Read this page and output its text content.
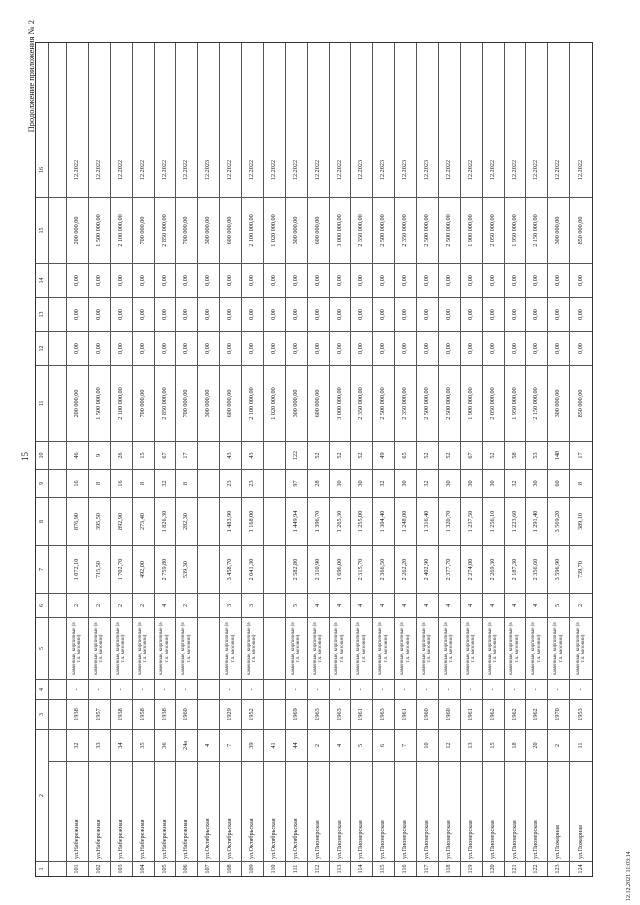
15
Продолжение приложения № 2
1
2
3
4
5
6
7
8
9
10
11
12
13
14
15
16
101
ул.Набережная
32
1938
-
каменные, кирпичные (в т.ч. мезонин)
2
1 072,10
876,90
16
46
200 000,00
0,00
0,00
0,00
200 000,00
12.2022
102
ул.Набережная
33
1957
-
каменные, кирпичные (в т.ч. мезонин)
2
715,50
395,50
8
9
1 500 000,00
0,00
0,00
0,00
1 500 000,00
12.2022
103
ул.Набережная
34
1938
-
каменные, кирпичные (в т.ч. мезонин)
2
1 702,70
892,90
16
26
2 100 000,00
0,00
0,00
0,00
2 100 000,00
12.2022
104
ул.Набережная
35
1958
-
каменные, кирпичные (в т.ч. мезонин)
2
492,00
273,40
8
15
700 000,00
0,00
0,00
0,00
700 000,00
12.2022
105
ул.Набережная
36
1938
-
каменные, кирпичные (в т.ч. мезонин)
4
2 759,80
1 826,30
32
67
2 850 000,00
0,00
0,00
0,00
2 850 000,00
12.2022
106
ул.Набережная
24а
1960
-
каменные, кирпичные (в т.ч. мезонин)
2
539,30
282,30
8
17
700 000,00
0,00
0,00
0,00
700 000,00
12.2022
107
ул.Октябрьская
4
300 000,00
0,00
0,00
0,00
300 000,00
12.2023
108
ул.Октябрьская
7
1929
-
каменные, кирпичные (в т.ч. мезонин)
3
3 458,70
1 483,90
23
43
600 000,00
0,00
0,00
0,00
600 000,00
12.2022
109
ул.Октябрьская
39
1952
-
каменные, кирпичные (в т.ч. мезонин)
3
2 041,30
1 168,00
23
43
2 100 000,00
0,00
0,00
0,00
2 100 000,00
12.2022
110
ул.Октябрьская
41
1 020 000,00
0,00
0,00
0,00
1 020 000,00
12.2022
111
ул.Октябрьская
44
1969
-
каменные, кирпичные (в т.ч. мезонин)
5
2 582,80
1 449,94
97
122
300 000,00
0,00
0,00
0,00
300 000,00
12.2022
112
ул.Пионерская
2
1963
-
каменные, кирпичные (в т.ч. мезонин)
4
2 310,90
1 396,70
28
52
600 000,00
0,00
0,00
0,00
600 000,00
12.2022
113
ул.Пионерская
4
1963
-
каменные, кирпичные (в т.ч. мезонин)
4
1 696,00
1 265,30
30
52
3 000 000,00
0,00
0,00
0,00
3 000 000,00
12.2022
114
ул.Пионерская
5
1961
-
каменные, кирпичные (в т.ч. мезонин)
4
2 315,70
1 255,00
30
52
2 350 000,00
0,00
0,00
0,00
2 350 000,00
12.2023
115
ул.Пионерская
6
1963
-
каменные, кирпичные (в т.ч. мезонин)
4
2 366,50
1 304,40
32
49
2 500 000,00
0,00
0,00
0,00
2 500 000,00
12.2023
116
ул.Пионерская
7
1961
-
каменные, кирпичные (в т.ч. мезонин)
4
2 262,20
1 248,00
30
65
2 350 000,00
0,00
0,00
0,00
2 350 000,00
12.2023
117
ул.Пионерская
10
1960
-
каменные, кирпичные (в т.ч. мезонин)
4
2 402,90
1 316,40
32
52
2 500 000,00
0,00
0,00
0,00
2 500 000,00
12.2023
118
ул.Пионерская
12
1960
-
каменные, кирпичные (в т.ч. мезонин)
4
2 377,70
1 320,70
30
52
2 500 000,00
0,00
0,00
0,00
2 500 000,00
12.2022
119
ул.Пионерская
13
1961
-
каменные, кирпичные (в т.ч. мезонин)
4
2 274,00
1 237,50
30
67
1 900 000,00
0,00
0,00
0,00
1 900 000,00
12.2022
120
ул.Пионерская
15
1962
-
каменные, кирпичные (в т.ч. мезонин)
4
2 269,30
1 256,10
30
52
2 050 000,00
0,00
0,00
0,00
2 050 000,00
12.2022
121
ул.Пионерская
18
1962
-
каменные, кирпичные (в т.ч. мезонин)
4
2 187,30
1 223,60
32
58
1 950 000,00
0,00
0,00
0,00
1 950 000,00
12.2022
122
ул.Пионерская
20
1962
-
каменные, кирпичные (в т.ч. мезонин)
4
2 356,60
1 291,40
30
53
2 150 000,00
0,00
0,00
0,00
2 150 000,00
12.2022
123
ул.Пожарная
2
1970
-
каменные, кирпичные (в т.ч. мезонин)
5
3 596,90
3 569,20
60
148
300 000,00
0,00
0,00
0,00
300 000,00
12.2022
124
ул.Пожарная
11
1953
-
каменные, кирпичные (в т.ч. мезонин)
2
739,70
389,10
8
17
850 000,00
0,00
0,00
0,00
850 000,00
12.2022
12.12.2021 11:03:14
